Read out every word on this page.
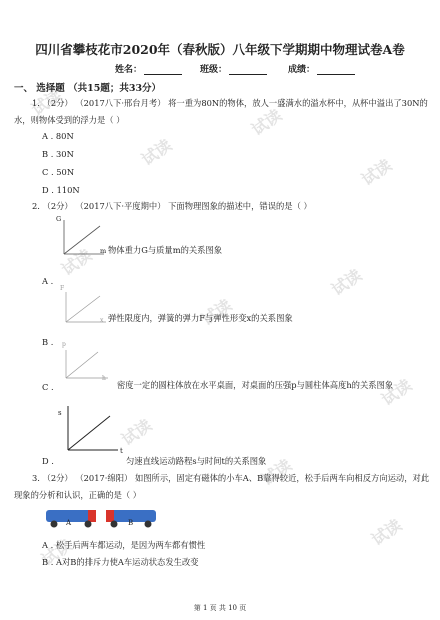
试读
试读
试读
试读
试读
试读
试读
试读
试读
试读
试读
试读
四川省攀枝花市2020年（春秋版）八年级下学期期中物理试卷A卷
姓名：	班级：	成绩：
一、 选择题 （共15题；共33分）
1. （2分） （2017八下·邢台月考） 将一重为80N的物体，放人一盛满水的溢水杯中，从杯中溢出了30N的
水，则物体受到的浮力是（ ）
A . 80N
B . 30N
C . 50N
D . 110N
2. （2分） （2017八下·平度期中） 下面物理图象的描述中，错误的是（ ）
G
m 物体重力G与质量m的关系图象
A .
F
x 弹性限度内，弹簧的弹力F与弹性形变x的关系图象
B . p
h
C .	密度一定的圆柱体放在水平桌面，对桌面的压强p与圆柱体高度h的关系图象
s
t
D .	匀速直线运动路程s与时间t的关系图象
3. （2分） （2017·绵阳） 如图所示，固定有磁体的小车A、B靠得较近，松手后两车向相反方向运动，对此
现象的分析和认识，正确的是（ ）
A	B
A . 松手后两车都运动，是因为两车都有惯性
B . A对B的排斥力使A车运动状态发生改变
第 1 页 共 10 页
